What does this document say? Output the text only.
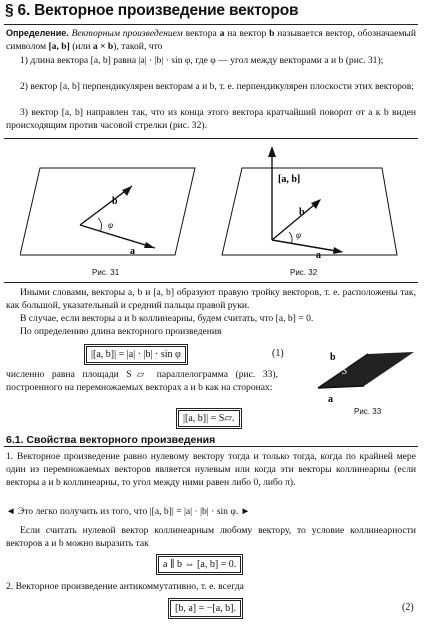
§ 6. Векторное произведение векторов
Определение. Векторным произведением вектора a на вектор b называется вектор, обозначаемый символом [a, b] (или a × b), такой, что
1) длина вектора [a, b] равна |a| · |b| · sin φ, где φ — угол между векторами a и b (рис. 31);
2) вектор [a, b] перпендикулярен векторам a и b, т. е. перпендикулярен плоскости этих векторов;
3) вектор [a, b] направлен так, что из конца этого вектора кратчайший поворот от a к b виден происходящим против часовой стрелки (рис. 32).
φ
a
b
Рис. 31
φ
[a, b]
a
b
Рис. 32
Иными словами, векторы a, b и [a, b] образуют правую тройку векторов, т. е. расположены так, как большой, указательный и средний пальцы правой руки.
В случае, если векторы a и b коллинеарны, будем считать, что [a, b] = 0.
По определению длина векторного произведения
|[a, b]| = |a| · |b| · sin φ	(1)
численно равна площади S▱ параллелограмма (рис. 33), построенного на перемножаемых векторах a и b как на сторонах:
S
b
a
Рис. 33
|[a, b]| = S▱.
6.1. Свойства векторного произведения
1. Векторное произведение равно нулевому вектору тогда и только тогда, когда по крайней мере один из перемножаемых векторов является нулевым или когда эти векторы коллинеарны (если векторы a и b коллинеарны, то угол между ними равен либо 0, либо π).
◄ Это легко получить из того, что |[a, b]| = |a| · |b| · sin φ. ►
Если считать нулевой вектор коллинеарным любому вектору, то условие коллинеарности векторов a и b можно выразить так
a ∥ b ⇔ [a, b] = 0.
2. Векторное произведение антикоммутативно, т. е. всегда
[b, a] = −[a, b].	(2)
